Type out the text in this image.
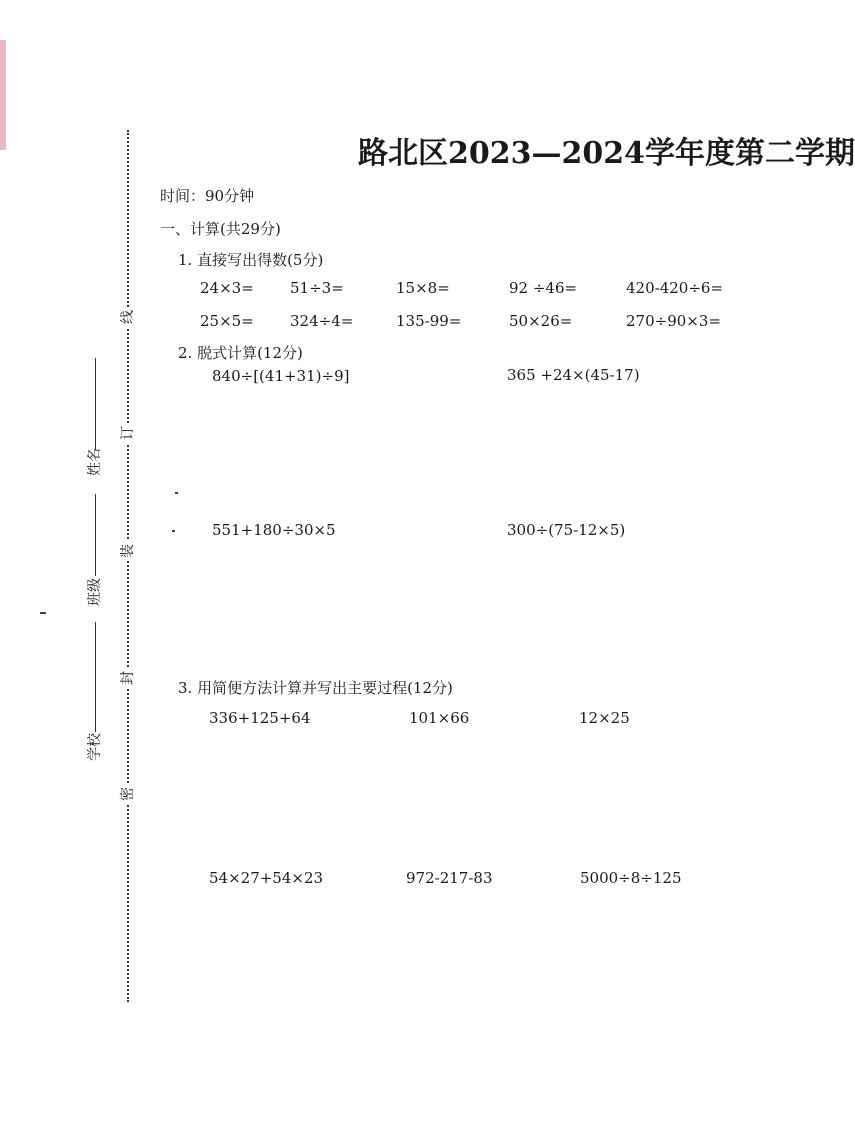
线
订
装
封
密
姓名
班级
学校
路北区2023—2024学年度第二学期
时间：90分钟
一、计算(共29分)
1. 直接写出得数(5分)
24×3= 51÷3=	15×8=	92 ÷46=	420-420÷6=
25×5= 324÷4=	135-99=	50×26=	270÷90×3=
2. 脱式计算(12分)
840÷[(41+31)÷9]	365 +24×(45-17)
551+180÷30×5	300÷(75-12×5)
3. 用简便方法计算并写出主要过程(12分)
336+125+64	101×66	12×25
54×27+54×23	972-217-83	5000÷8÷125
